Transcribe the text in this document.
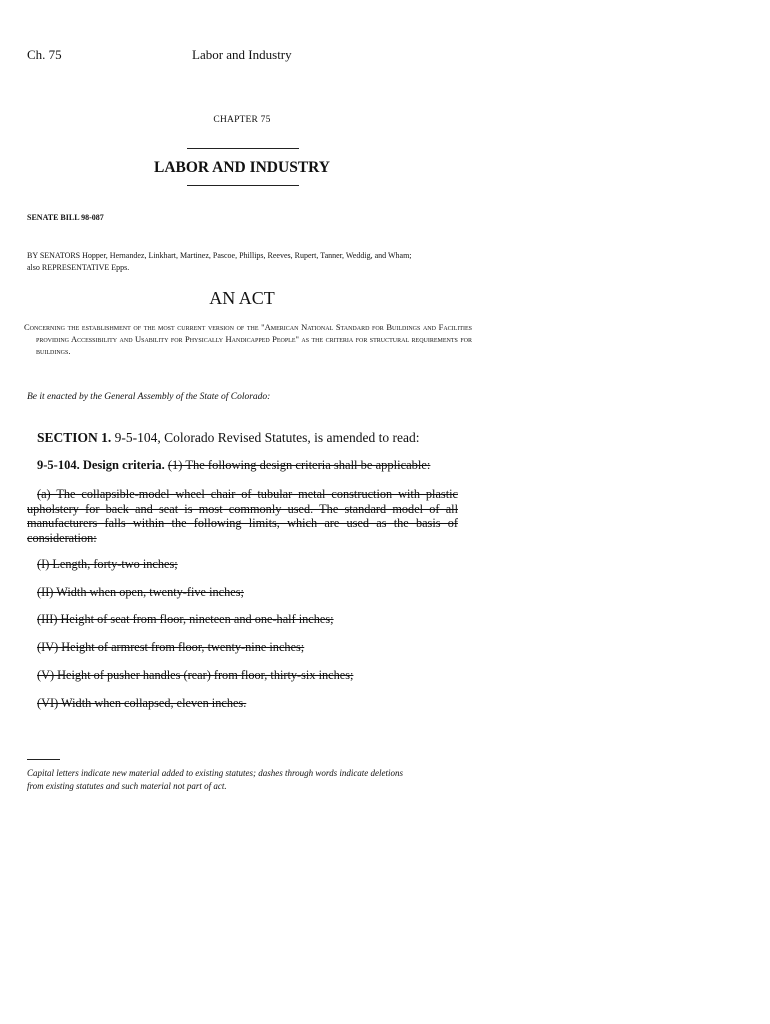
Ch. 75	Labor and Industry
CHAPTER 75
LABOR AND INDUSTRY
SENATE BILL 98-087
BY SENATORS Hopper, Hernandez, Linkhart, Martinez, Pascoe, Phillips, Reeves, Rupert, Tanner, Weddig, and Wham;
also REPRESENTATIVE Epps.
AN ACT
Concerning the establishment of the most current version of the "American National Standard for Buildings and Facilities providing Accessibility and Usability for Physically Handicapped People" as the criteria for structural requirements for buildings.
Be it enacted by the General Assembly of the State of Colorado:
SECTION 1. 9-5-104, Colorado Revised Statutes, is amended to read:
9-5-104. Design criteria. (1) The following design criteria shall be applicable:
(a) The collapsible-model wheel chair of tubular metal construction with plastic upholstery for back and seat is most commonly used. The standard model of all manufacturers falls within the following limits, which are used as the basis of consideration:
(I) Length, forty-two inches;
(II) Width when open, twenty-five inches;
(III) Height of seat from floor, nineteen and one-half inches;
(IV) Height of armrest from floor, twenty-nine inches;
(V) Height of pusher handles (rear) from floor, thirty-six inches;
(VI) Width when collapsed, eleven inches.
Capital letters indicate new material added to existing statutes; dashes through words indicate deletions
from existing statutes and such material not part of act.
